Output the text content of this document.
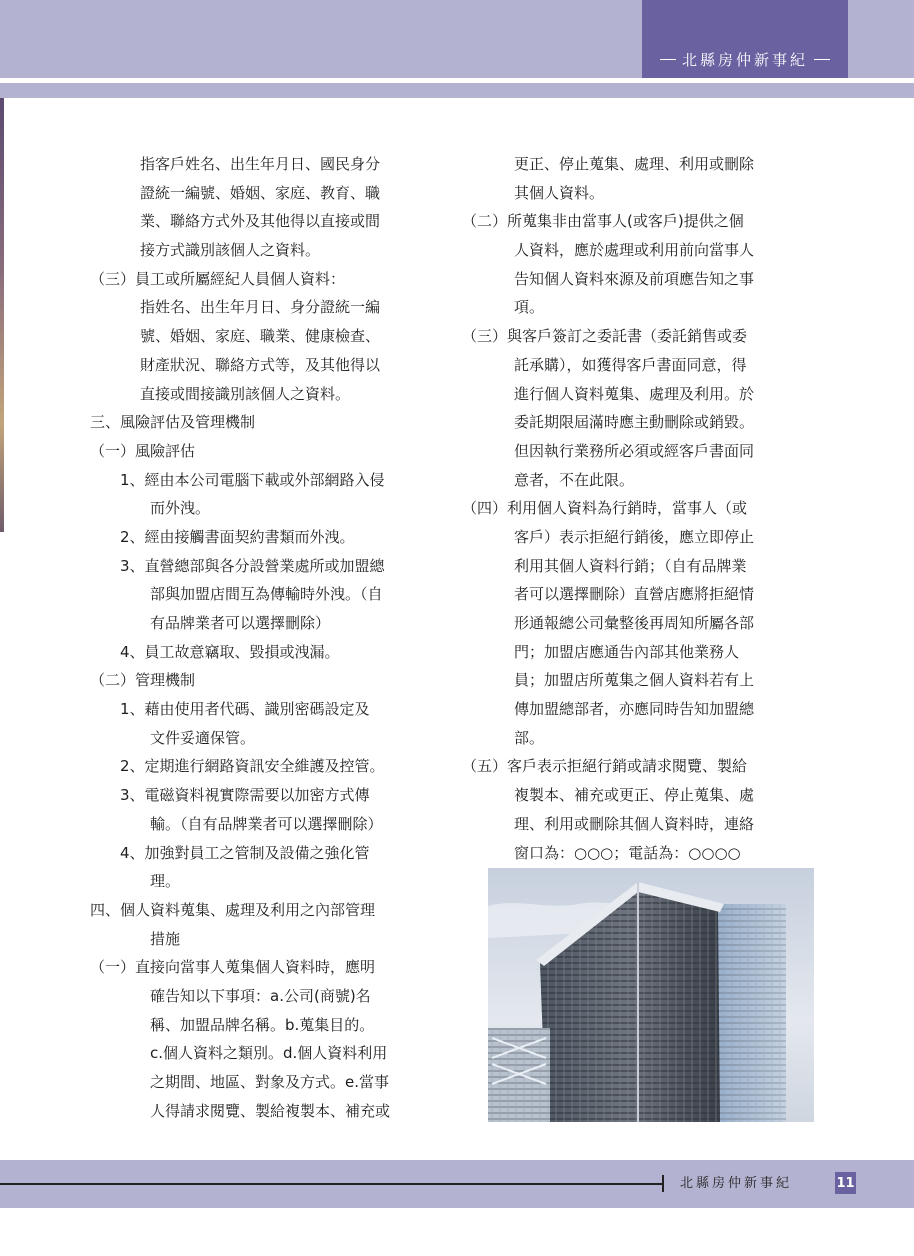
北縣房仲新事紀
指客戶姓名、出生年月日、國民身分
證統一編號、婚姻、家庭、教育、職
業、聯絡方式外及其他得以直接或間
接方式識別該個人之資料。
（三）員工或所屬經紀人員個人資料：
指姓名、出生年月日、身分證統一編
號、婚姻、家庭、職業、健康檢查、
財產狀況、聯絡方式等，及其他得以
直接或間接識別該個人之資料。
三、風險評估及管理機制
（一）風險評估
1、經由本公司電腦下載或外部網路入侵
而外洩。
2、經由接觸書面契約書類而外洩。
3、直營總部與各分設營業處所或加盟總
部與加盟店間互為傳輸時外洩。（自
有品牌業者可以選擇刪除）
4、員工故意竊取、毀損或洩漏。
（二）管理機制
1、藉由使用者代碼、識別密碼設定及
文件妥適保管。
2、定期進行網路資訊安全維護及控管。
3、電磁資料視實際需要以加密方式傳
輸。（自有品牌業者可以選擇刪除）
4、加強對員工之管制及設備之強化管
理。
四、個人資料蒐集、處理及利用之內部管理
措施
（一）直接向當事人蒐集個人資料時，應明
確告知以下事項：a.公司(商號)名
稱、加盟品牌名稱。b.蒐集目的。
c.個人資料之類別。d.個人資料利用
之期間、地區、對象及方式。e.當事
人得請求閱覽、製給複製本、補充或
更正、停止蒐集、處理、利用或刪除
其個人資料。
（二）所蒐集非由當事人(或客戶)提供之個
人資料，應於處理或利用前向當事人
告知個人資料來源及前項應告知之事
項。
（三）與客戶簽訂之委託書（委託銷售或委
託承購），如獲得客戶書面同意，得
進行個人資料蒐集、處理及利用。於
委託期限屆滿時應主動刪除或銷毀。
但因執行業務所必須或經客戶書面同
意者，不在此限。
（四）利用個人資料為行銷時，當事人（或
客戶）表示拒絕行銷後，應立即停止
利用其個人資料行銷；（自有品牌業
者可以選擇刪除）直營店應將拒絕情
形通報總公司彙整後再周知所屬各部
門；加盟店應通告內部其他業務人
員；加盟店所蒐集之個人資料若有上
傳加盟總部者，亦應同時告知加盟總
部。
（五）客戶表示拒絕行銷或請求閱覽、製給
複製本、補充或更正、停止蒐集、處
理、利用或刪除其個人資料時，連絡
窗口為：○○○；電話為：○○○○
北縣房仲新事紀	11
